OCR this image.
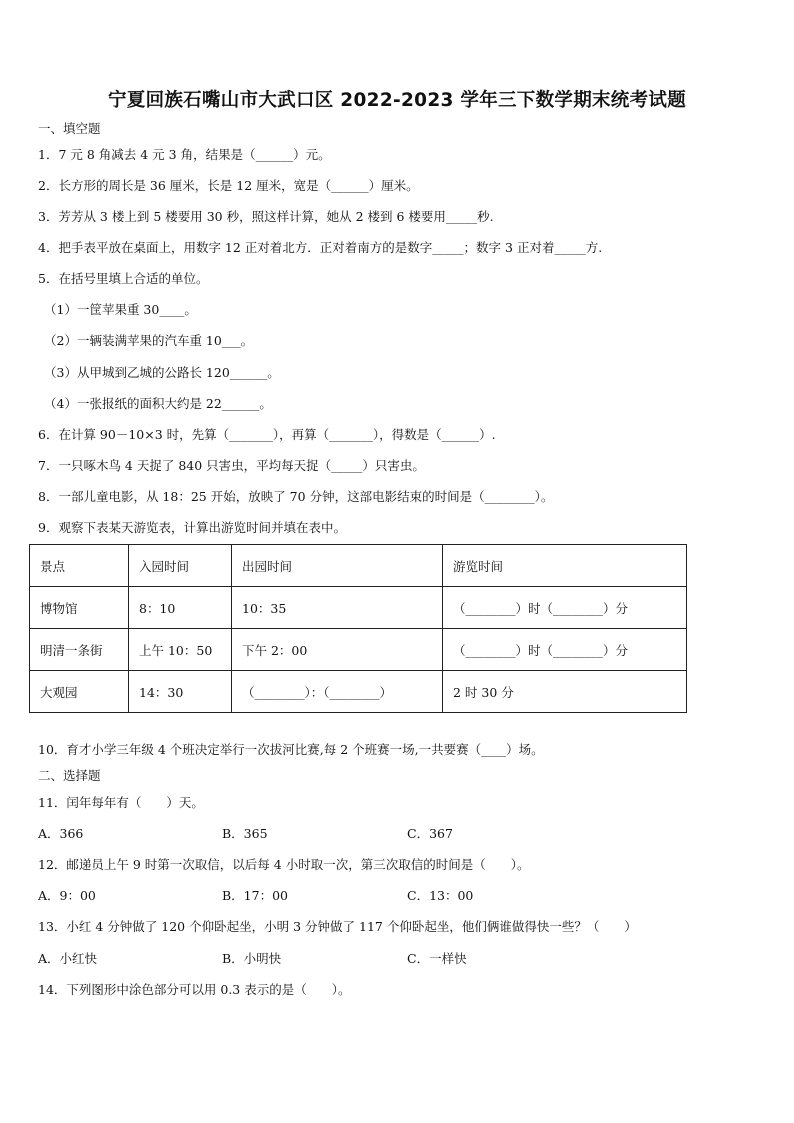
宁夏回族石嘴山市大武口区 2022-2023 学年三下数学期末统考试题
一、填空题
1．7 元 8 角减去 4 元 3 角，结果是（______）元。
2．长方形的周长是 36 厘米，长是 12 厘米，宽是（______）厘米。
3．芳芳从 3 楼上到 5 楼要用 30 秒，照这样计算，她从 2 楼到 6 楼要用_____秒.
4．把手表平放在桌面上，用数字 12 正对着北方．正对着南方的是数字_____；数字 3 正对着_____方.
5．在括号里填上合适的单位。
（1）一筐苹果重 30____。
（2）一辆装满苹果的汽车重 10___。
（3）从甲城到乙城的公路长 120______。
（4）一张报纸的面积大约是 22______。
6．在计算 90－10×3 时，先算（_______），再算（_______），得数是（______）.
7．一只啄木鸟 4 天捉了 840 只害虫，平均每天捉（_____）只害虫。
8．一部儿童电影，从 18：25 开始，放映了 70 分钟，这部电影结束的时间是（________）。
9．观察下表某天游览表，计算出游览时间并填在表中。
景点	入园时间	出园时间	游览时间
博物馆	8：10	10：35	（________）时（________）分
明清一条街	上午 10：50	下午 2：00	（________）时（________）分
大观园	14：30	（________）：（________）	2 时 30 分
10．育才小学三年级 4 个班决定举行一次拔河比赛,每 2 个班赛一场,一共要赛（____）场。
二、选择题
11．闰年每年有（　　）天。
A．366	B．365	C．367
12．邮递员上午 9 时第一次取信，以后每 4 小时取一次，第三次取信的时间是（　　）。
A．9：00	B．17：00	C．13：00
13．小红 4 分钟做了 120 个仰卧起坐，小明 3 分钟做了 117 个仰卧起坐，他们俩谁做得快一些？（　　）
A．小红快	B．小明快	C．一样快
14．下列图形中涂色部分可以用 0.3 表示的是（　　）。
